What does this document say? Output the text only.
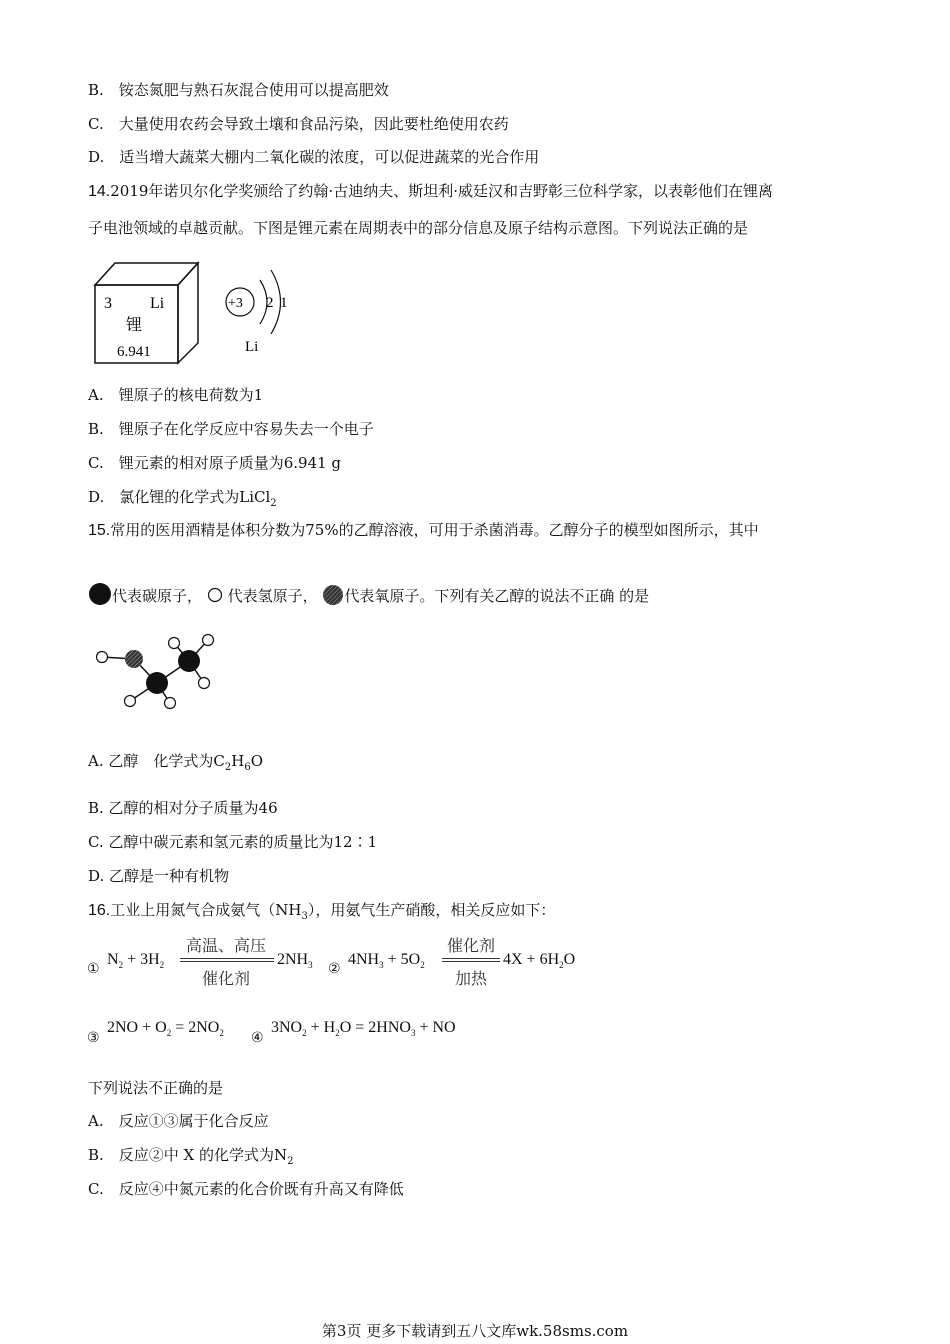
B.　铵态氮肥与熟石灰混合使用可以提高肥效
C.　大量使用农药会导致土壤和食品污染，因此要杜绝使用农药
D.　适当增大蔬菜大棚内二氧化碳的浓度，可以促进蔬菜的光合作用
14.2019年诺贝尔化学奖颁给了约翰·古迪纳夫、斯坦利·威廷汉和吉野彰三位科学家，以表彰他们在锂离
子电池领域的卓越贡献。下图是锂元素在周期表中的部分信息及原子结构示意图。下列说法正确的是
3 Li
锂
6.941
+3 2 1
Li
A.　锂原子的核电荷数为1
B.　锂原子在化学反应中容易失去一个电子
C.　锂元素的相对原子质量为6.941 g
D.　氯化锂的化学式为LiCl$_2$
15.常用的医用酒精是体积分数为75%的乙醇溶液，可用于杀菌消毒。乙醇分子的模型如图所示，其中
代表碳原子， 代表氢原子， 代表氧原子。下列有关乙醇的说法不正确 的是
A. 乙醇　化学式为$C_2H_6O$
B. 乙醇的相对分子质量为46
C. 乙醇中碳元素和氢元素的质量比为12∶1
D. 乙醇是一种有机物
16.工业上用氮气合成氨气$(NH_3)$，用氨气生产硝酸，相关反应如下：
①
$N_2 + 3H_2$
高温、高压
催化剂
$2NH_3$ ②
$4NH_3 + 5O_2$
催化剂
加热
$4X + 6H_2O$
③
$2NO + O_2 = 2NO_2$ ④
$3NO_2 + H_2O = 2HNO_3$ + NO
下列说法不正确的是
A.　反应①③属于化合反应
B.　反应②中 X 的化学式为$N_2$
C.　反应④中氮元素的化合价既有升高又有降低
第3页 更多下载请到五八文库wk.58sms.com
